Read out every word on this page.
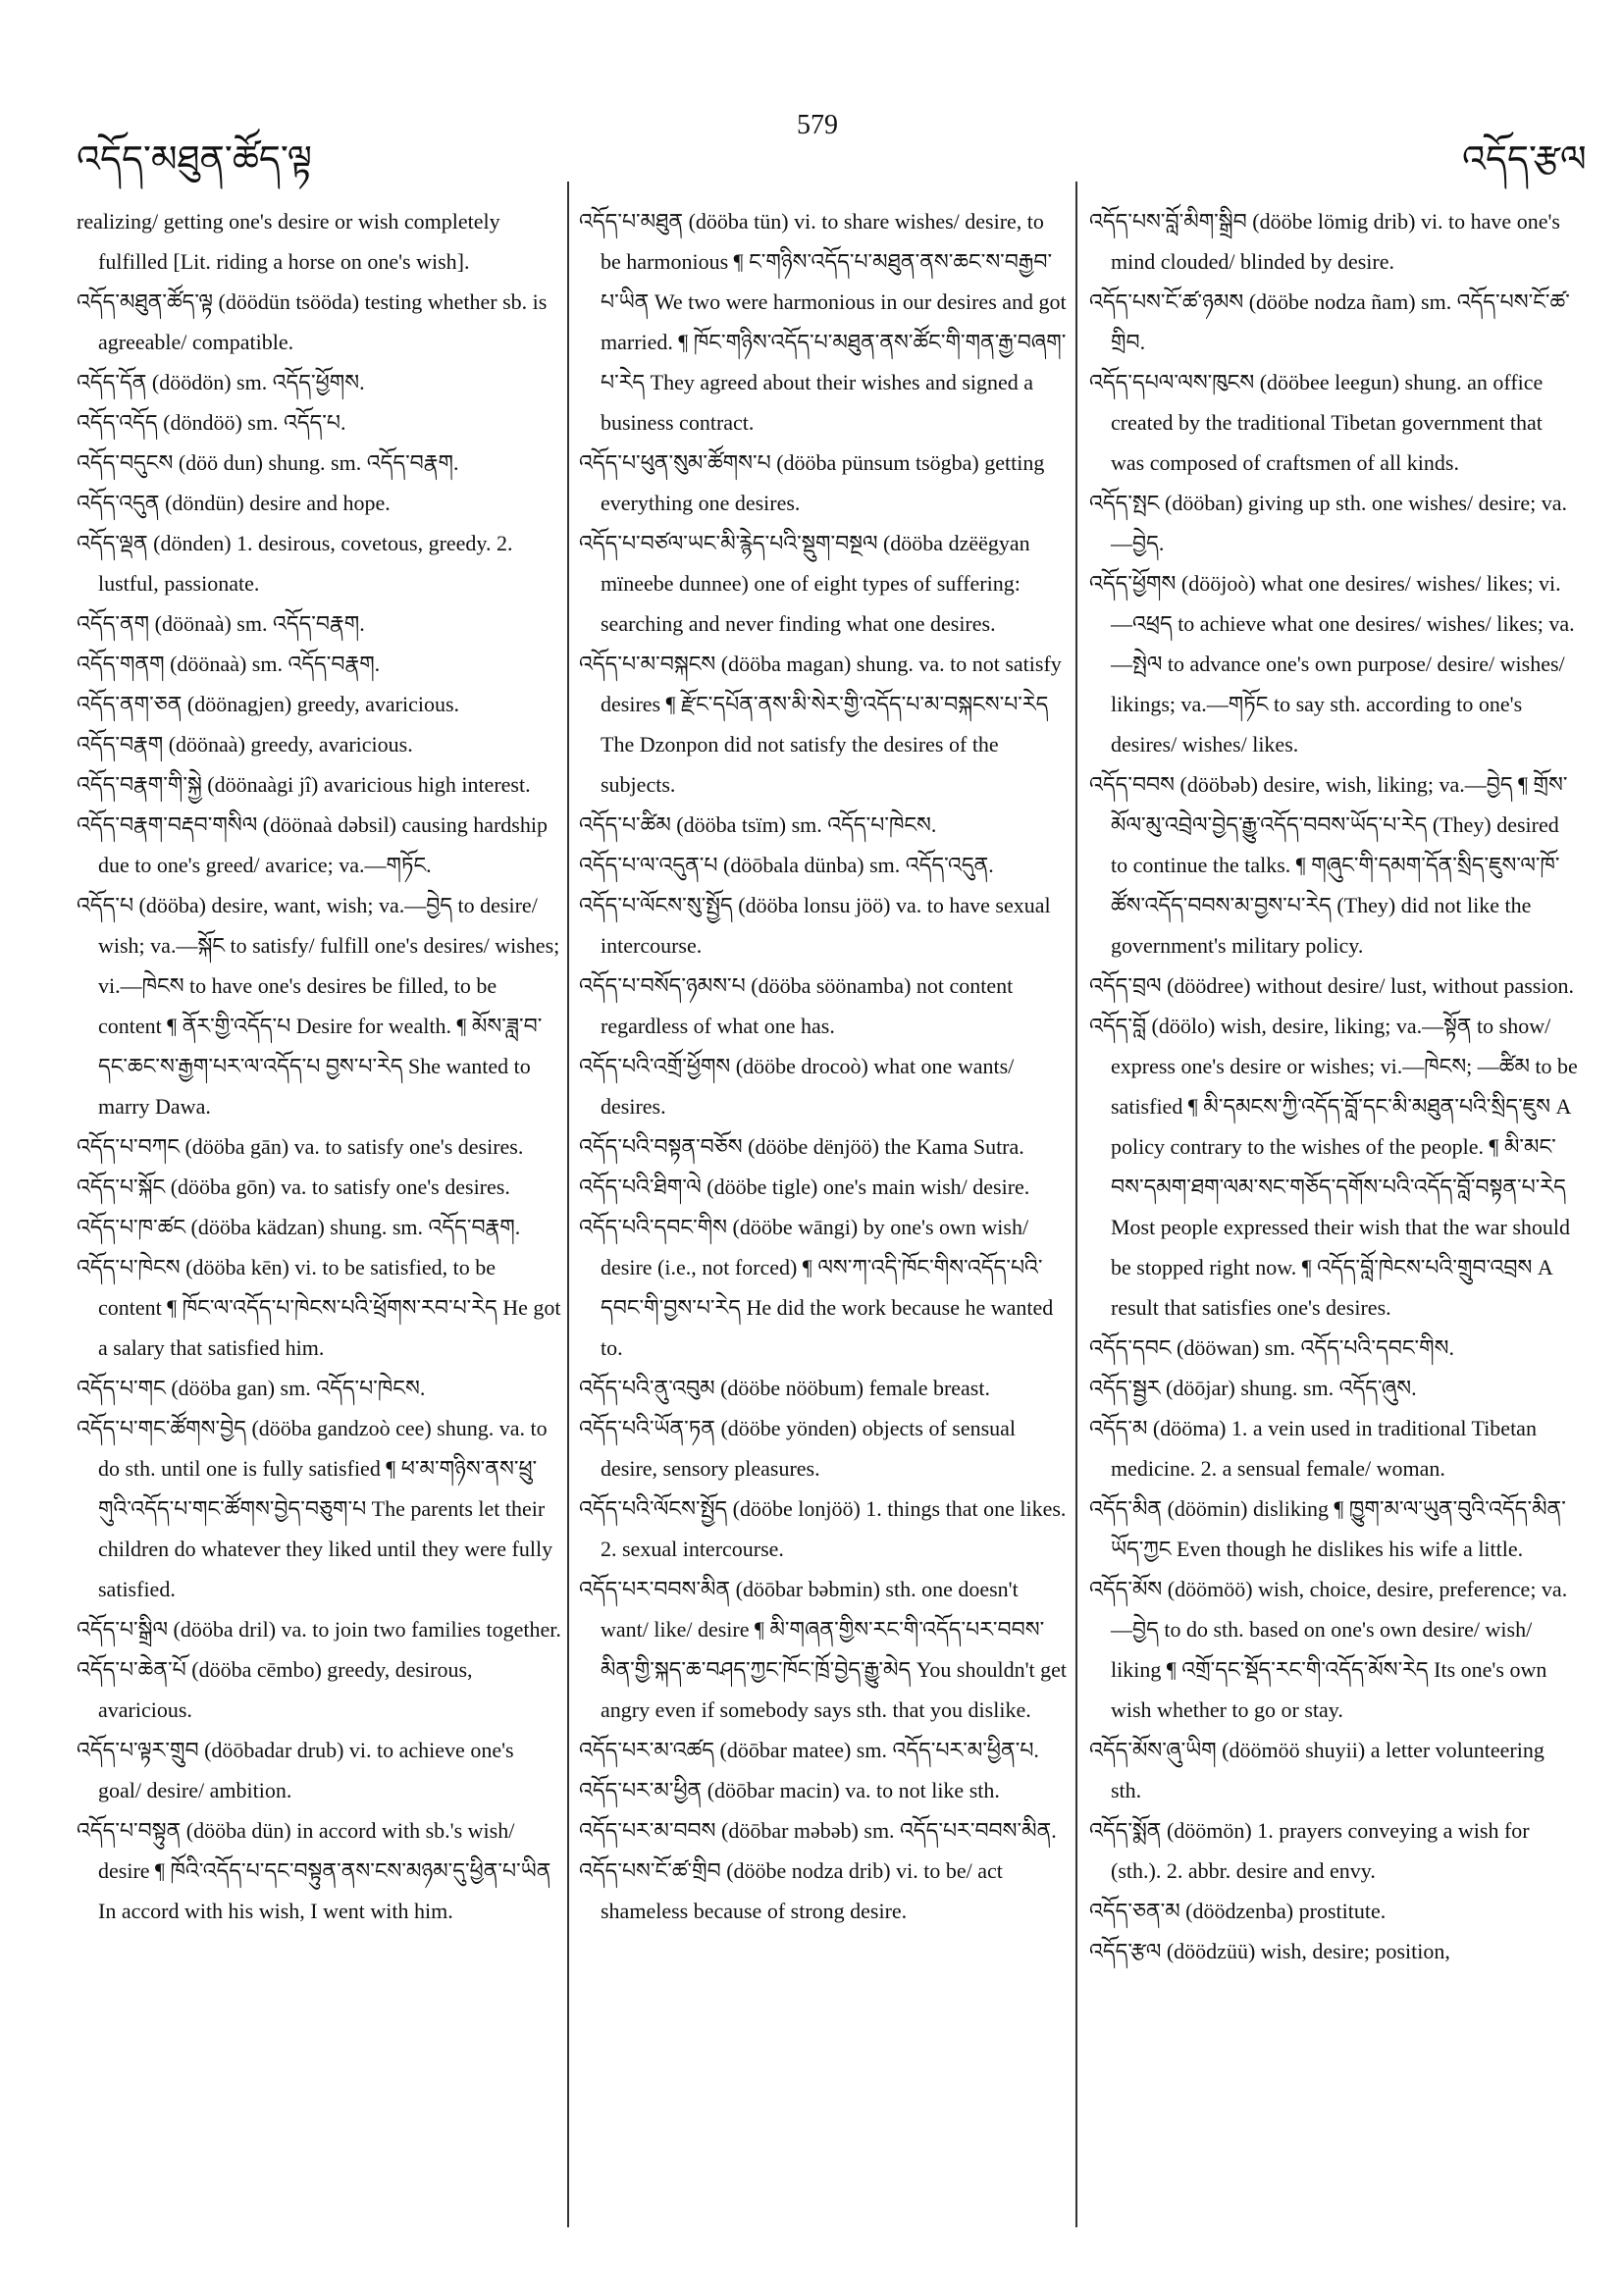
འདོད་མཐུན་ཚོད་ལྟ
579
འདོད་རྩལ
realizing/ getting one's desire or wish completely fulfilled [Lit. riding a horse on one's wish].
འདོད་མཐུན་ཚོད་ལྟ (döödün tsööda) testing whether sb. is agreeable/ compatible.
འདོད་དོན (döödön) sm. འདོད་ཕྱོགས.
འདོད་འདོད (döndöö) sm. འདོད་པ.
འདོད་བདུངས (döö dun) shung. sm. འདོད་བརྣག.
འདོད་འདུན (döndün) desire and hope.
འདོད་ལྡན (dönden) 1. desirous, covetous, greedy. 2. lustful, passionate.
འདོད་ནག (döönaà) sm. འདོད་བརྣག.
འདོད་གནག (döönaà) sm. འདོད་བརྣག.
འདོད་ནག་ཅན (döönagjen) greedy, avaricious.
འདོད་བརྣག (döönaà) greedy, avaricious.
འདོད་བརྣག་གི་སྐྱེ (döönaàgi jî) avaricious high interest.
འདོད་བརྣག་བརྡབ་གསིལ (döönaà dəbsil) causing hardship due to one's greed/ avarice; va.—གཏོང.
འདོད་པ (dööba) desire, want, wish; va.—བྱེད to desire/ wish; va.—སྐོང to satisfy/ fulfill one's desires/ wishes; vi.—ཁེངས to have one's desires be filled, to be content ¶ ནོར་གྱི་འདོད་པ Desire for wealth. ¶ མོས་ཟླ་བ་དང་ཆང་ས་རྒྱག་པར་ལ་འདོད་པ བྱས་པ་རེད She wanted to marry Dawa.
འདོད་པ་བཀང (dööba gān) va. to satisfy one's desires.
འདོད་པ་སྐོང (dööba gōn) va. to satisfy one's desires.
འདོད་པ་ཁ་ཚང (dööba kädzan) shung. sm. འདོད་བརྣག.
འདོད་པ་ཁེངས (dööba kēn) vi. to be satisfied, to be content ¶ ཁོང་ལ་འདོད་པ་ཁེངས་པའི་ཕྲོགས་རབ་པ་རེད He got a salary that satisfied him.
འདོད་པ་གང (dööba gan) sm. འདོད་པ་ཁེངས.
འདོད་པ་གང་ཚོགས་བྱེད (dööba gandzoò cee) shung. va. to do sth. until one is fully satisfied ¶ ཕ་མ་གཉིས་ནས་ཕྲུ་གུའི་འདོད་པ་གང་ཚོགས་བྱེད་བཅུག་པ The parents let their children do whatever they liked until they were fully satisfied.
འདོད་པ་སྒྲིལ (dööba dril) va. to join two families together.
འདོད་པ་ཆེན་པོ (dööba cēmbo) greedy, desirous, avaricious.
འདོད་པ་ལྟར་གྲུབ (döōbadar drub) vi. to achieve one's goal/ desire/ ambition.
འདོད་པ་བསྟུན (dööba dün) in accord with sb.'s wish/ desire ¶ ཁོའི་འདོད་པ་དང་བསྟུན་ནས་ངས་མཉམ་དུ་ཕྱིན་པ་ཡིན In accord with his wish, I went with him.
འདོད་པ་མཐུན (dööba tün) vi. to share wishes/ desire, to be harmonious ¶ ང་གཉིས་འདོད་པ་མཐུན་ནས་ཆང་ས་བརྒྱབ་པ་ཡིན We two were harmonious in our desires and got married. ¶ ཁོང་གཉིས་འདོད་པ་མཐུན་ནས་ཚོང་གི་གན་རྒྱ་བཞག་པ་རེད They agreed about their wishes and signed a business contract.
འདོད་པ་ཕུན་སུམ་ཚོགས་པ (dööba pünsum tsögba) getting everything one desires.
འདོད་པ་བཙལ་ཡང་མི་རྙེད་པའི་སྡུག་བསྔལ (dööba dzëëgyan mïneebe dunnee) one of eight types of suffering: searching and never finding what one desires.
འདོད་པ་མ་བསྐངས (dööba magan) shung. va. to not satisfy desires ¶ རྫོང་དཔོན་ནས་མི་སེར་གྱི་འདོད་པ་མ་བསྐངས་པ་རེད The Dzonpon did not satisfy the desires of the subjects.
འདོད་པ་ཚིམ (dööba tsïm) sm. འདོད་པ་ཁེངས.
འདོད་པ་ལ་འདུན་པ (döōbala dünba) sm. འདོད་འདུན.
འདོད་པ་ལོངས་སུ་སྤྱོད (dööba lonsu jöö) va. to have sexual intercourse.
འདོད་པ་བསོད་ཉམས་པ (dööba söönamba) not content regardless of what one has.
འདོད་པའི་འགྲོ་ཕྱོགས (dööbe drocoò) what one wants/ desires.
འདོད་པའི་བསྟན་བཅོས (dööbe dënjöö) the Kama Sutra.
འདོད་པའི་ཐིག་ལེ (dööbe tigle) one's main wish/ desire.
འདོད་པའི་དབང་གིས (dööbe wāngi) by one's own wish/ desire (i.e., not forced) ¶ ལས་ཀ་འདི་ཁོང་གིས་འདོད་པའི་དབང་གི་བྱས་པ་རེད He did the work because he wanted to.
འདོད་པའི་ནུ་འབུམ (dööbe nööbum) female breast.
འདོད་པའི་ཡོན་ཏན (dööbe yönden) objects of sensual desire, sensory pleasures.
འདོད་པའི་ལོངས་སྤྱོད (dööbe lonjöö) 1. things that one likes. 2. sexual intercourse.
འདོད་པར་བབས་མིན (döōbar bəbmin) sth. one doesn't want/ like/ desire ¶ མི་གཞན་གྱིས་རང་གི་འདོད་པར་བབས་མིན་གྱི་སྐད་ཆ་བཤད་ཀྱང་ཁོང་ཁྲོ་བྱེད་རྒྱུ་མེད You shouldn't get angry even if somebody says sth. that you dislike.
འདོད་པར་མ་འཚད (döōbar matee) sm. འདོད་པར་མ་ཕྱིན་པ.
འདོད་པར་མ་ཕྱིན (döōbar macin) va. to not like sth.
འདོད་པར་མ་བབས (döōbar məbəb) sm. འདོད་པར་བབས་མིན.
འདོད་པས་ངོ་ཚ་གྲིབ (dööbe nodza drib) vi. to be/ act shameless because of strong desire.
འདོད་པས་བློ་མིག་སྒྲིབ (dööbe lömig drib) vi. to have one's mind clouded/ blinded by desire.
འདོད་པས་ངོ་ཚ་ཉམས (dööbe nodza ñam) sm. འདོད་པས་ངོ་ཚ་གྲིབ.
འདོད་དཔལ་ལས་ཁུངས (dööbee leegun) shung. an office created by the traditional Tibetan government that was composed of craftsmen of all kinds.
འདོད་སྤང (dööban) giving up sth. one wishes/ desire; va.—བྱེད.
འདོད་ཕྱོགས (dööjoò) what one desires/ wishes/ likes; vi.—འཕྲད to achieve what one desires/ wishes/ likes; va.—སྤེལ to advance one's own purpose/ desire/ wishes/ likings; va.—གཏོང to say sth. according to one's desires/ wishes/ likes.
འདོད་བབས (dööbəb) desire, wish, liking; va.—བྱེད ¶ གྲོས་མོལ་མུ་འབྲེལ་བྱེད་རྒྱུ་འདོད་བབས་ཡོད་པ་རེད (They) desired to continue the talks. ¶ གཞུང་གི་དམག་དོན་སྲིད་ཇུས་ལ་ཁོ་ཚོས་འདོད་བབས་མ་བྱས་པ་རེད (They) did not like the government's military policy.
འདོད་བྲལ (döödree) without desire/ lust, without passion.
འདོད་བློ (döölo) wish, desire, liking; va.—སྟོན to show/ express one's desire or wishes; vi.—ཁེངས; —ཚིམ to be satisfied ¶ མི་དམངས་ཀྱི་འདོད་བློ་དང་མི་མཐུན་པའི་སྲིད་ཇུས A policy contrary to the wishes of the people. ¶ མི་མང་བས་དམག་ཐག་ལམ་སང་གཅོད་དགོས་པའི་འདོད་བློ་བསྟན་པ་རེད Most people expressed their wish that the war should be stopped right now. ¶ འདོད་བློ་ཁེངས་པའི་གྲུབ་འབྲས A result that satisfies one's desires.
འདོད་དབང (dööwan) sm. འདོད་པའི་དབང་གིས.
འདོད་སྦྱར (döōjar) shung. sm. འདོད་ཞུས.
འདོད་མ (dööma) 1. a vein used in traditional Tibetan medicine. 2. a sensual female/ woman.
འདོད་མིན (döömin) disliking ¶ ཁྱུག་མ་ལ་ཡུན་བུའི་འདོད་མིན་ཡོད་ཀྱང Even though he dislikes his wife a little.
འདོད་མོས (döömöö) wish, choice, desire, preference; va.—བྱེད to do sth. based on one's own desire/ wish/ liking ¶ འགྲོ་དང་སྡོད་རང་གི་འདོད་མོས་རེད Its one's own wish whether to go or stay.
འདོད་མོས་ཞུ་ཡིག (döömöö shuyii) a letter volunteering sth.
འདོད་སྨོན (döömön) 1. prayers conveying a wish for (sth.). 2. abbr. desire and envy.
འདོད་ཅན་མ (döödzenba) prostitute.
འདོད་རྩལ (döödzüü) wish, desire; position,
